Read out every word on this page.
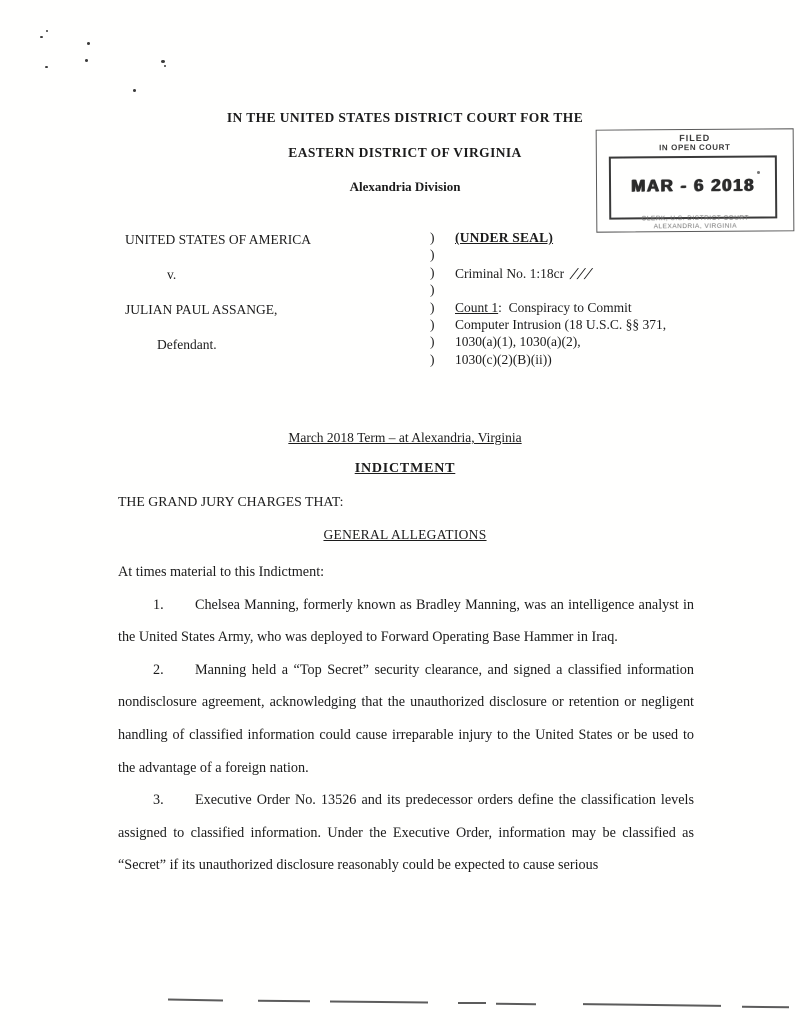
IN THE UNITED STATES DISTRICT COURT FOR THE
EASTERN DISTRICT OF VIRGINIA
Alexandria Division
FILED
IN OPEN COURT
MAR - 6 2018
CLERK, U.S. DISTRICT COURT
ALEXANDRIA, VIRGINIA
UNITED STATES OF AMERICA
v.
JULIAN PAUL ASSANGE,
Defendant.
)
)
)
)
)
)
)
)
(UNDER SEAL)
Criminal No. 1:18cr ///
Count 1:  Conspiracy to Commit
Computer Intrusion (18 U.S.C. §§ 371,
1030(a)(1), 1030(a)(2),
1030(c)(2)(B)(ii))
March 2018 Term – at Alexandria, Virginia
INDICTMENT
THE GRAND JURY CHARGES THAT:
GENERAL ALLEGATIONS

At times material to this Indictment:

1. Chelsea Manning, formerly known as Bradley Manning, was an intelligence analyst in the United States Army, who was deployed to Forward Operating Base Hammer in Iraq.

2. Manning held a “Top Secret” security clearance, and signed a classified information nondisclosure agreement, acknowledging that the unauthorized disclosure or retention or negligent handling of classified information could cause irreparable injury to the United States or be used to the advantage of a foreign nation.

3. Executive Order No. 13526 and its predecessor orders define the classification levels assigned to classified information. Under the Executive Order, information may be classified as “Secret” if its unauthorized disclosure reasonably could be expected to cause serious
